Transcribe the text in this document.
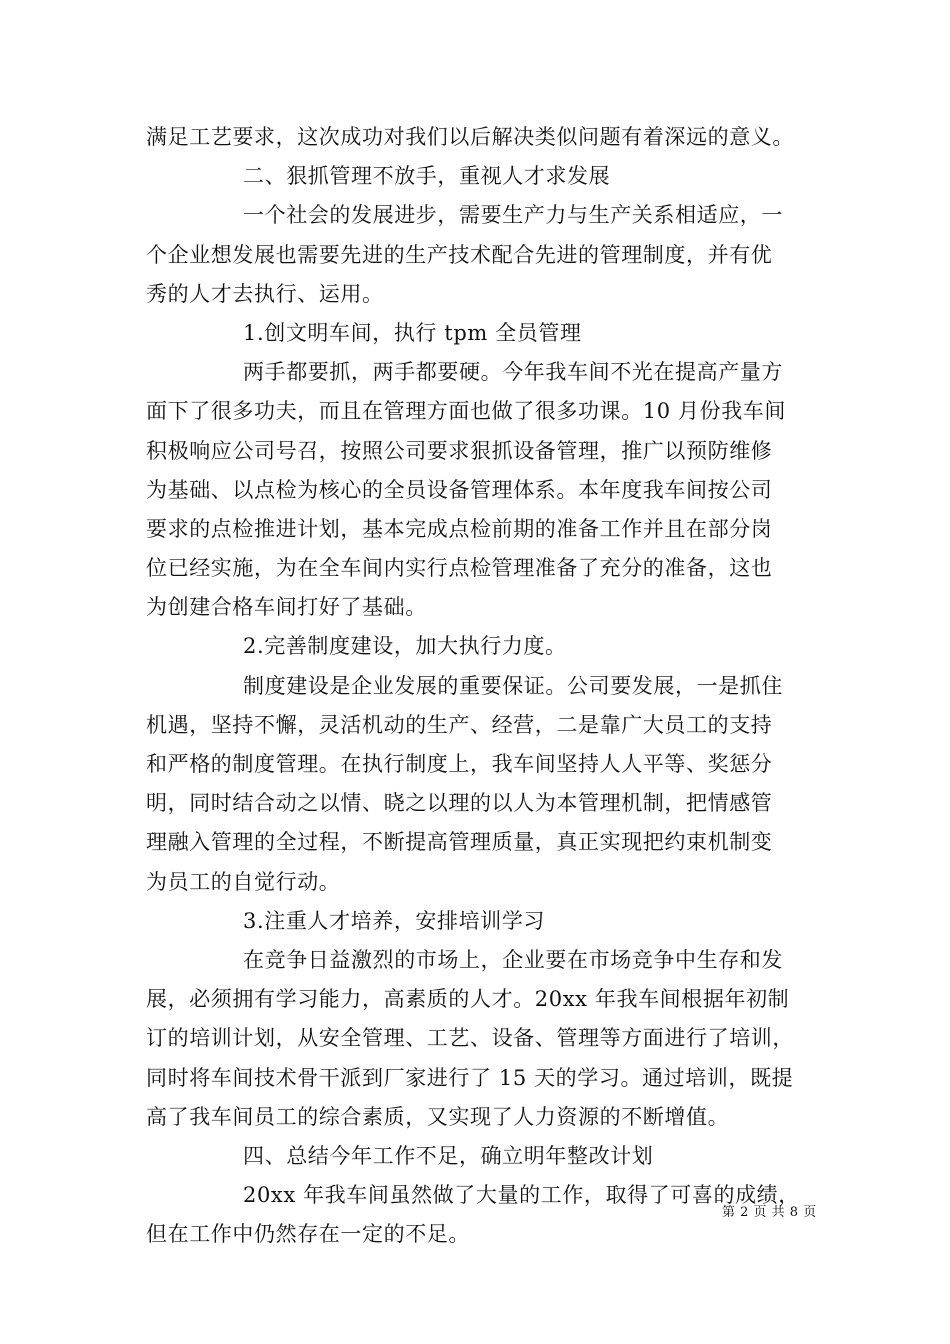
满足工艺要求，这次成功对我们以后解决类似问题有着深远的意义。
二、狠抓管理不放手，重视人才求发展
一个社会的发展进步，需要生产力与生产关系相适应，一
个企业想发展也需要先进的生产技术配合先进的管理制度，并有优
秀的人才去执行、运用。
1.创文明车间，执行 tpm 全员管理
两手都要抓，两手都要硬。今年我车间不光在提高产量方
面下了很多功夫，而且在管理方面也做了很多功课。10 月份我车间
积极响应公司号召，按照公司要求狠抓设备管理，推广以预防维修
为基础、以点检为核心的全员设备管理体系。本年度我车间按公司
要求的点检推进计划，基本完成点检前期的准备工作并且在部分岗
位已经实施，为在全车间内实行点检管理准备了充分的准备，这也
为创建合格车间打好了基础。
2.完善制度建设，加大执行力度。
制度建设是企业发展的重要保证。公司要发展，一是抓住
机遇，坚持不懈，灵活机动的生产、经营，二是靠广大员工的支持
和严格的制度管理。在执行制度上，我车间坚持人人平等、奖惩分
明，同时结合动之以情、晓之以理的以人为本管理机制，把情感管
理融入管理的全过程，不断提高管理质量，真正实现把约束机制变
为员工的自觉行动。
3.注重人才培养，安排培训学习
在竞争日益激烈的市场上，企业要在市场竞争中生存和发
展，必须拥有学习能力，高素质的人才。20xx 年我车间根据年初制
订的培训计划，从安全管理、工艺、设备、管理等方面进行了培训，
同时将车间技术骨干派到厂家进行了 15 天的学习。通过培训，既提
高了我车间员工的综合素质，又实现了人力资源的不断增值。
四、总结今年工作不足，确立明年整改计划
20xx 年我车间虽然做了大量的工作，取得了可喜的成绩，
但在工作中仍然存在一定的不足。
第 2 页 共 8 页
